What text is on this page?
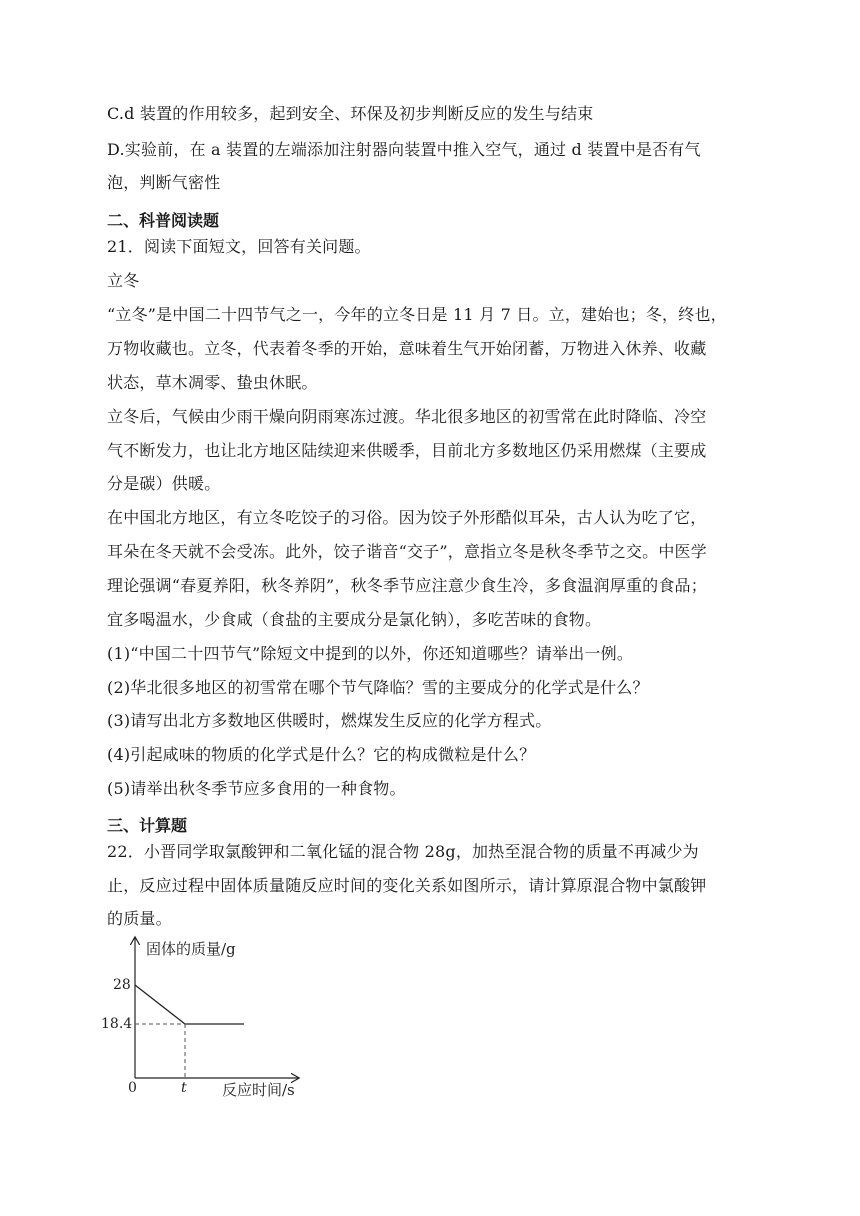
C.d 装置的作用较多，起到安全、环保及初步判断反应的发生与结束
D.实验前，在 a 装置的左端添加注射器向装置中推入空气，通过 d 装置中是否有气
泡，判断气密性
二、科普阅读题
21．阅读下面短文，回答有关问题。
立冬
“立冬”是中国二十四节气之一，今年的立冬日是 11 月 7 日。立，建始也；冬，终也，
万物收藏也。立冬，代表着冬季的开始，意味着生气开始闭蓄，万物进入休养、收藏
状态，草木凋零、蛰虫休眠。
立冬后，气候由少雨干燥向阴雨寒冻过渡。华北很多地区的初雪常在此时降临、冷空
气不断发力，也让北方地区陆续迎来供暖季，目前北方多数地区仍采用燃煤（主要成
分是碳）供暖。
在中国北方地区，有立冬吃饺子的习俗。因为饺子外形酷似耳朵，古人认为吃了它，
耳朵在冬天就不会受冻。此外，饺子谐音“交子”，意指立冬是秋冬季节之交。中医学
理论强调“春夏养阳，秋冬养阴”，秋冬季节应注意少食生冷，多食温润厚重的食品；
宜多喝温水，少食咸（食盐的主要成分是氯化钠），多吃苦味的食物。
(1)“中国二十四节气”除短文中提到的以外，你还知道哪些？请举出一例。
(2)华北很多地区的初雪常在哪个节气降临？雪的主要成分的化学式是什么？
(3)请写出北方多数地区供暖时，燃煤发生反应的化学方程式。
(4)引起咸味的物质的化学式是什么？它的构成微粒是什么？
(5)请举出秋冬季节应多食用的一种食物。
三、计算题
22．小晋同学取氯酸钾和二氧化锰的混合物 28g，加热至混合物的质量不再减少为
止，反应过程中固体质量随反应时间的变化关系如图所示，请计算原混合物中氯酸钾
的质量。
固体的质量/g
反应时间/s
0	t
28
18.4
